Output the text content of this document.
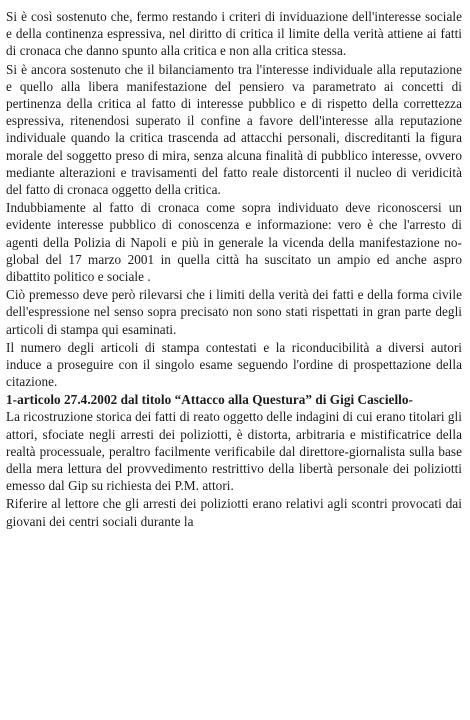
Si è così sostenuto che, fermo restando i criteri di inviduazione dell'interesse sociale e della continenza espressiva, nel diritto di critica il limite della verità attiene ai fatti di cronaca che danno spunto alla critica e non alla critica stessa.

Si è ancora sostenuto che il bilanciamento tra l'interesse individuale alla reputazione e quello alla libera manifestazione del pensiero va parametrato ai concetti di pertinenza della critica al fatto di interesse pubblico e di rispetto della correttezza espressiva, ritenendosi superato il confine a favore dell'interesse alla reputazione individuale quando la critica trascenda ad attacchi personali, discreditanti la figura morale del soggetto preso di mira, senza alcuna finalità di pubblico interesse, ovvero mediante alterazioni e travisamenti del fatto reale distorcenti il nucleo di veridicità del fatto di cronaca oggetto della critica.

Indubbiamente al fatto di cronaca come sopra individuato deve riconoscersi un evidente interesse pubblico di conoscenza e informazione: vero è che l'arresto di agenti della Polizia di Napoli e più in generale la vicenda della manifestazione no-global del 17 marzo 2001 in quella città ha suscitato un ampio ed anche aspro dibattito politico e sociale .

Ciò premesso deve però rilevarsi che i limiti della verità dei fatti e della forma civile dell'espressione nel senso sopra precisato non sono stati rispettati in gran parte degli articoli di stampa qui esaminati.

Il numero degli articoli di stampa contestati e la riconducibilità a diversi autori induce a proseguire con il singolo esame seguendo l'ordine di prospettazione della citazione.

1-articolo 27.4.2002 dal titolo “Attacco alla Questura” di Gigi Casciello-

La ricostruzione storica dei fatti di reato oggetto delle indagini di cui erano titolari gli attori, sfociate negli arresti dei poliziotti, è distorta, arbitraria e mistificatrice della realtà processuale, peraltro facilmente verificabile dal direttore-giornalista sulla base della mera lettura del provvedimento restrittivo della libertà personale dei poliziotti emesso dal Gip su richiesta dei P.M. attori.

Riferire al lettore che gli arresti dei poliziotti erano relativi agli scontri provocati dai giovani dei centri sociali durante la
